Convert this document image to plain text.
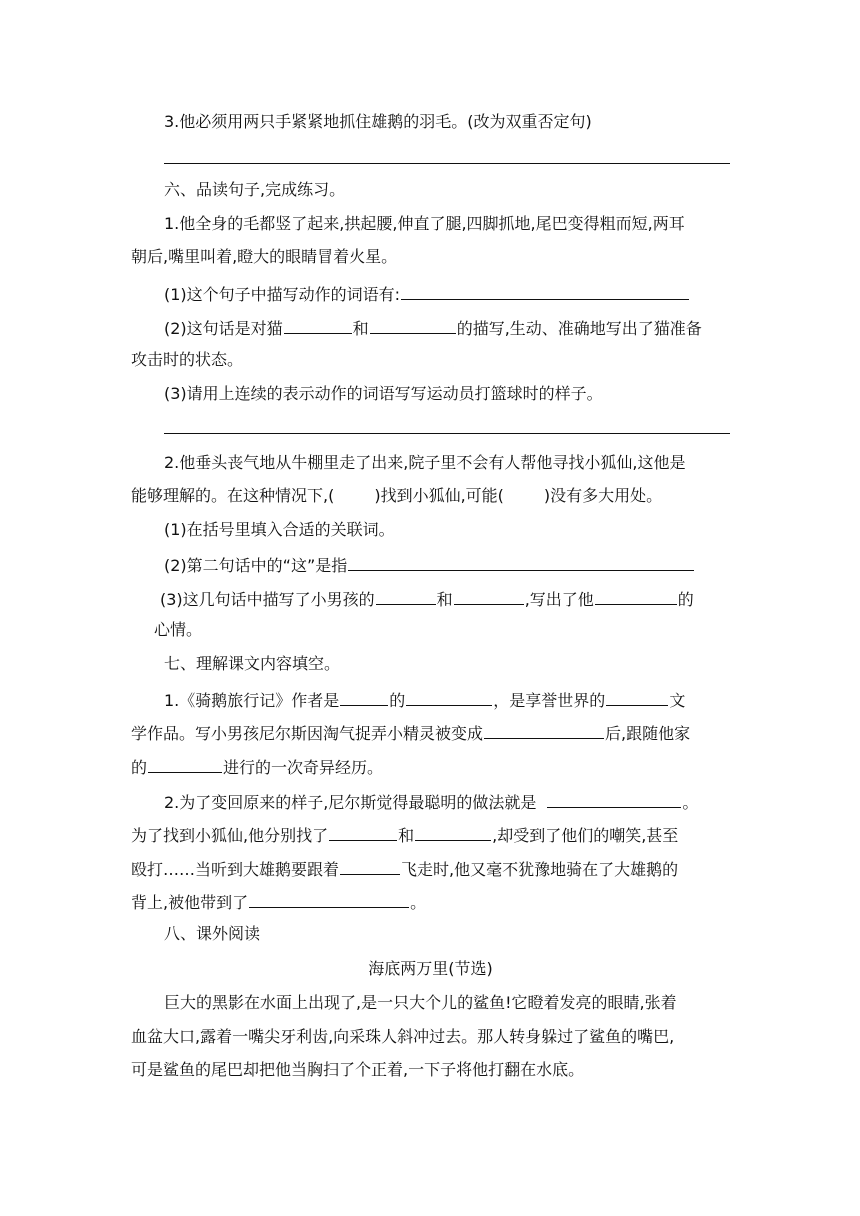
3.他必须用两只手紧紧地抓住雄鹅的羽毛。(改为双重否定句)
六、品读句子,完成练习。
1.他全身的毛都竖了起来,拱起腰,伸直了腿,四脚抓地,尾巴变得粗而短,两耳
朝后,嘴里叫着,瞪大的眼睛冒着火星。
(1)这个句子中描写动作的词语有:
(2)这句话是对猫	和	的描写,生动、准确地写出了猫准备
攻击时的状态。
(3)请用上连续的表示动作的词语写写运动员打篮球时的样子。
2.他垂头丧气地从牛棚里走了出来,院子里不会有人帮他寻找小狐仙,这他是
能够理解的。在这种情况下,(	)找到小狐仙,可能(	)没有多大用处。
(1)在括号里填入合适的关联词。
(2)第二句话中的“这”是指
(3)这几句话中描写了小男孩的	和	,写出了他	的
心情。
七、理解课文内容填空。
1.《骑鹅旅行记》作者是	的	，是享誉世界的	文
学作品。写小男孩尼尔斯因淘气捉弄小精灵被变成	后,跟随他家
的	进行的一次奇异经历。
2.为了变回原来的样子,尼尔斯觉得最聪明的做法就是	。
为了找到小狐仙,他分别找了	和	,却受到了他们的嘲笑,甚至
殴打……当听到大雄鹅要跟着	飞走时,他又毫不犹豫地骑在了大雄鹅的
背上,被他带到了	。
八、课外阅读
海底两万里(节选)
巨大的黑影在水面上出现了,是一只大个儿的鲨鱼!它瞪着发亮的眼睛,张着
血盆大口,露着一嘴尖牙利齿,向采珠人斜冲过去。那人转身躲过了鲨鱼的嘴巴,
可是鲨鱼的尾巴却把他当胸扫了个正着,一下子将他打翻在水底。
